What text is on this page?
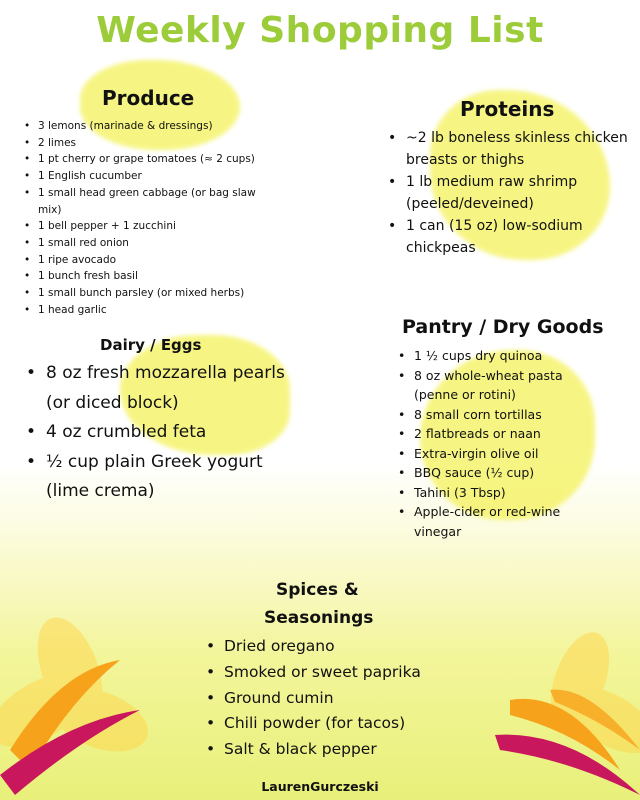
Weekly Shopping List
Produce
• 3 lemons (marinade & dressings)
• 2 limes
• 1 pt cherry or grape tomatoes (≈ 2 cups)
• 1 English cucumber
• 1 small head green cabbage (or bag slaw mix)
• 1 bell pepper + 1 zucchini
• 1 small red onion
• 1 ripe avocado
• 1 bunch fresh basil
• 1 small bunch parsley (or mixed herbs)
• 1 head garlic
Proteins
• ~2 lb boneless skinless chicken breasts or thighs
• 1 lb medium raw shrimp (peeled/deveined)
• 1 can (15 oz) low-sodium chickpeas
Dairy / Eggs
• 8 oz fresh mozzarella pearls (or diced block)
• 4 oz crumbled feta
• ½ cup plain Greek yogurt (lime crema)
Pantry / Dry Goods
• 1 ½ cups dry quinoa
• 8 oz whole-wheat pasta (penne or rotini)
• 8 small corn tortillas
• 2 flatbreads or naan
• Extra-virgin olive oil
• BBQ sauce (½ cup)
• Tahini (3 Tbsp)
• Apple-cider or red-wine vinegar
Spices &
Seasonings
• Dried oregano
• Smoked or sweet paprika
• Ground cumin
• Chili powder (for tacos)
• Salt & black pepper
LaurenGurczeski
